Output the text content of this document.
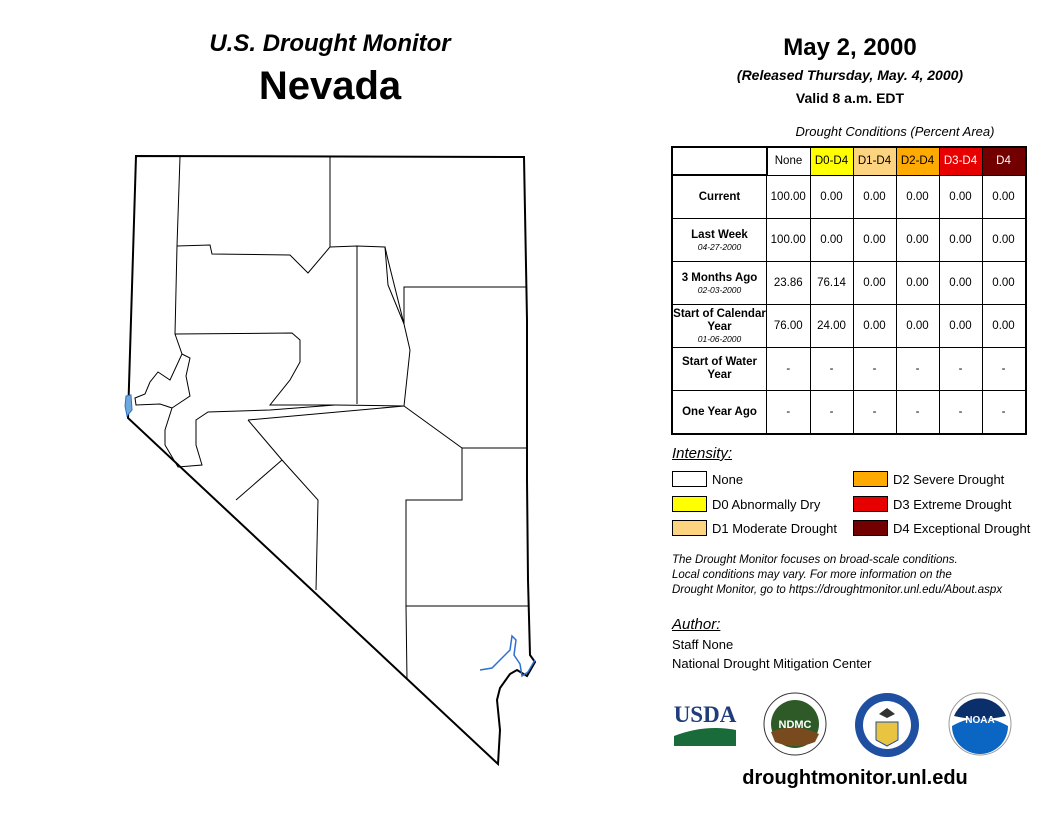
U.S. Drought Monitor
Nevada
May 2, 2000
(Released Thursday, May. 4, 2000)
Valid 8 a.m. EDT
Drought Conditions (Percent Area)
	None	D0-D4	D1-D4	D2-D4	D3-D4	D4
Current	100.00	0.00	0.00	0.00	0.00	0.00
Last Week
04-27-2000	100.00	0.00	0.00	0.00	0.00	0.00
3 Months Ago
02-03-2000	23.86	76.14	0.00	0.00	0.00	0.00
Start of Calendar Year
01-06-2000	76.00	24.00	0.00	0.00	0.00	0.00
Start of Water Year	-	-	-	-	-	-
One Year Ago	-	-	-	-	-	-
Intensity:
None
D0 Abnormally Dry
D1 Moderate Drought
D2 Severe Drought
D3 Extreme Drought
D4 Exceptional Drought
The Drought Monitor focuses on broad-scale conditions.
Local conditions may vary. For more information on the
Drought Monitor, go to https://droughtmonitor.unl.edu/About.aspx
Author:
Staff None
National Drought Mitigation Center
USDA	NDMC	NOAA
droughtmonitor.unl.edu
